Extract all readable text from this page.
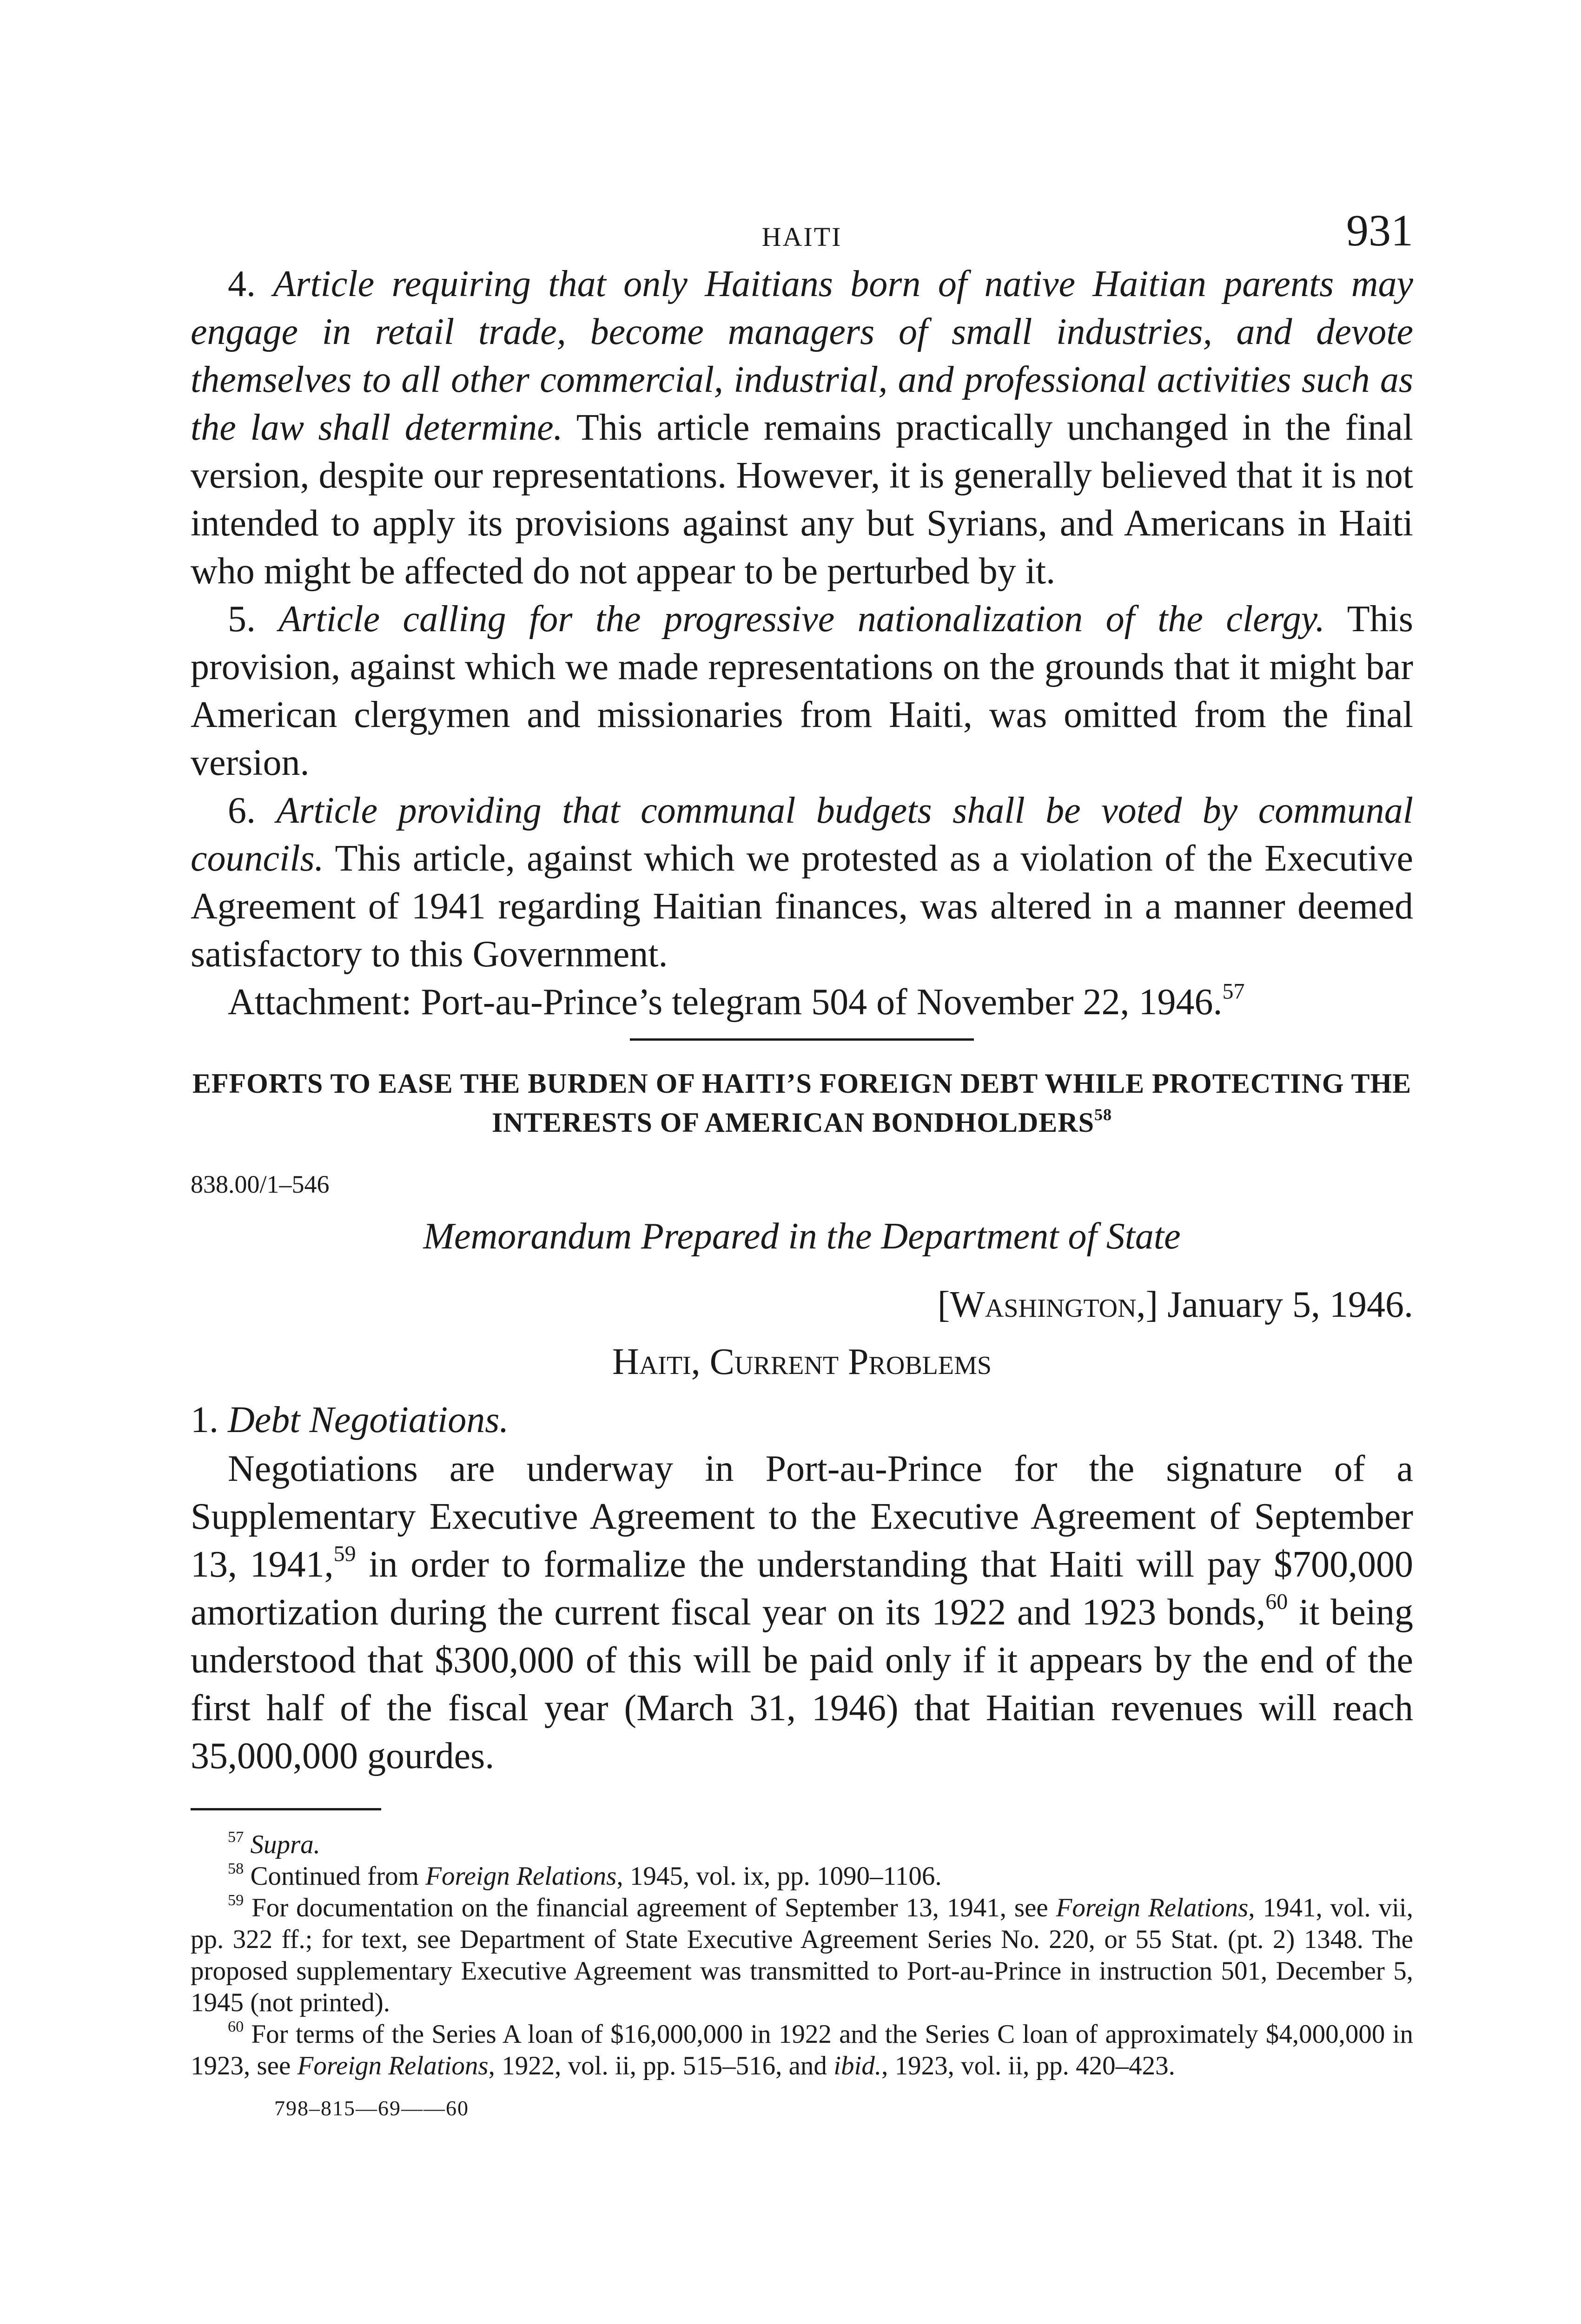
HAITI	931

4. Article requiring that only Haitians born of native Haitian parents may engage in retail trade, become managers of small industries, and devote themselves to all other commercial, industrial, and professional activities such as the law shall determine. This article remains practically unchanged in the final version, despite our representations. However, it is generally believed that it is not intended to apply its provisions against any but Syrians, and Americans in Haiti who might be affected do not appear to be perturbed by it.

5. Article calling for the progressive nationalization of the clergy. This provision, against which we made representations on the grounds that it might bar American clergymen and missionaries from Haiti, was omitted from the final version.

6. Article providing that communal budgets shall be voted by communal councils. This article, against which we protested as a violation of the Executive Agreement of 1941 regarding Haitian finances, was altered in a manner deemed satisfactory to this Government.

Attachment: Port-au-Prince’s telegram 504 of November 22, 1946.57

EFFORTS TO EASE THE BURDEN OF HAITI’S FOREIGN DEBT WHILE PROTECTING THE INTERESTS OF AMERICAN BONDHOLDERS$^{58}$
838.00/1–546
Memorandum Prepared in the Department of State
[Washington,] January 5, 1946.
Haiti, Current Problems
1. Debt Negotiations.

Negotiations are underway in Port-au-Prince for the signature of a Supplementary Executive Agreement to the Executive Agreement of September 13, 1941,59 in order to formalize the understanding that Haiti will pay $700,000 amortization during the current fiscal year on its 1922 and 1923 bonds,$^{60}$ it being understood that $300,000 of this will be paid only if it appears by the end of the first half of the fiscal year (March 31, 1946) that Haitian revenues will reach 35,000,000 gourdes.

$^{57}$ Supra.

$^{58}$ Continued from Foreign Relations, 1945, vol. ix, pp. 1090–1106.

$^{59}$ For documentation on the financial agreement of September 13, 1941, see Foreign Relations, 1941, vol. vii, pp. 322 ff.; for text, see Department of State Executive Agreement Series No. 220, or 55 Stat. (pt. 2) 1348. The proposed supplementary Executive Agreement was transmitted to Port-au-Prince in instruction 501, December 5, 1945 (not printed).

$^{60}$ For terms of the Series A loan of $16,000,000 in 1922 and the Series C loan of approximately $4,000,000 in 1923, see Foreign Relations, 1922, vol. ii, pp. 515–516, and ibid., 1923, vol. ii, pp. 420–423.

798–815—69——60
